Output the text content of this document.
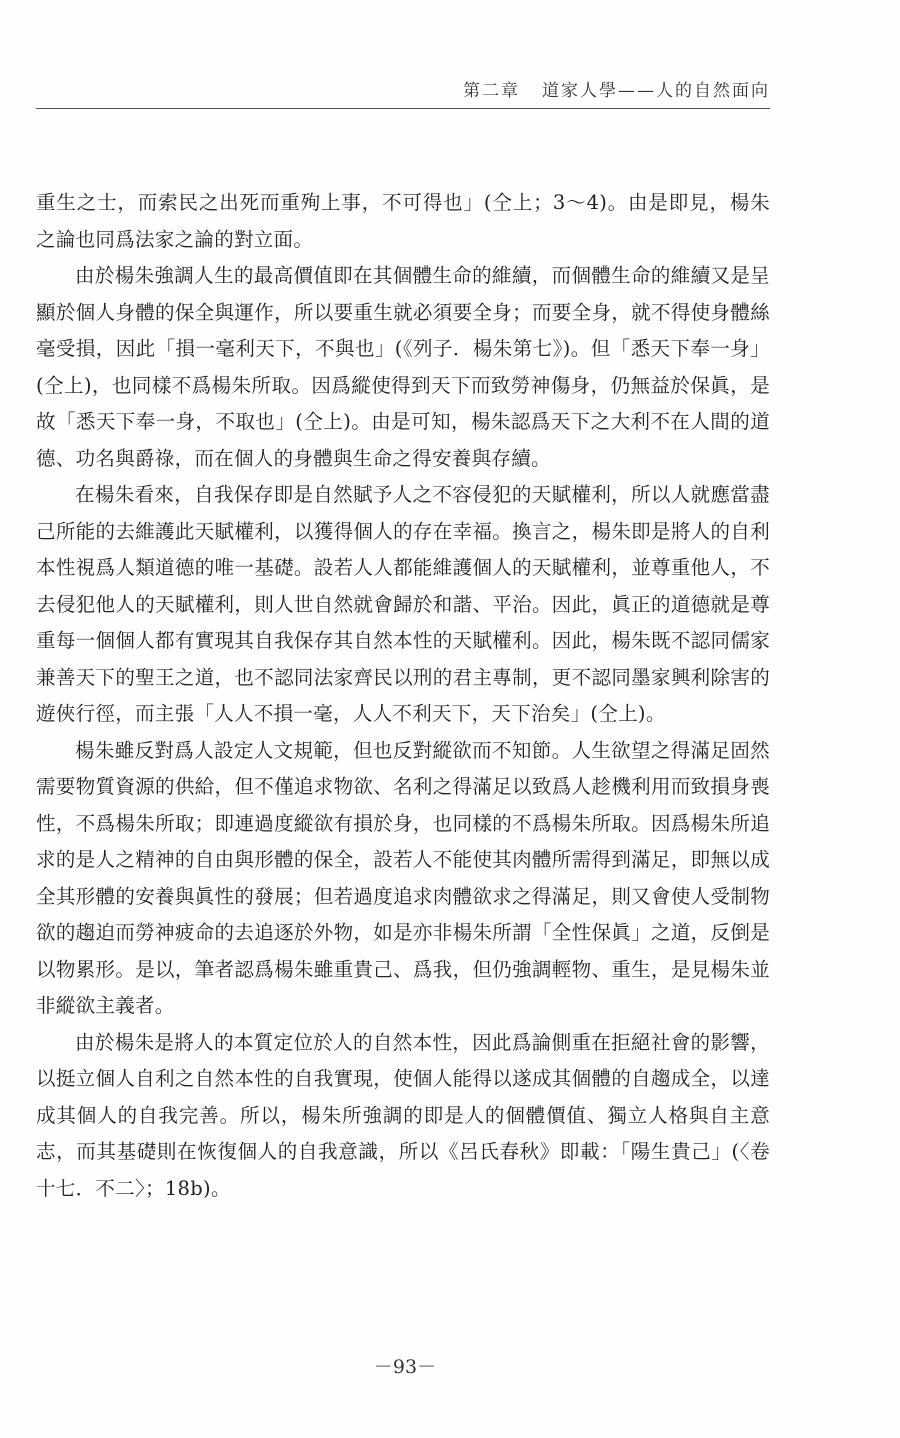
第二章 道家人學——人的自然面向

重生之士，而索民之出死而重殉上事，不可得也」(仝上；3～4)。由是即見，楊朱之論也同爲法家之論的對立面。

由於楊朱強調人生的最高價值即在其個體生命的維續，而個體生命的維續又是呈顯於個人身體的保全與運作，所以要重生就必須要全身；而要全身，就不得使身體絲毫受損，因此「損一毫利天下，不與也」(《列子．楊朱第七》)。但「悉天下奉一身」(仝上)，也同樣不爲楊朱所取。因爲縱使得到天下而致勞神傷身，仍無益於保眞，是故「悉天下奉一身，不取也」(仝上)。由是可知，楊朱認爲天下之大利不在人間的道德、功名與爵祿，而在個人的身體與生命之得安養與存續。

在楊朱看來，自我保存即是自然賦予人之不容侵犯的天賦權利，所以人就應當盡己所能的去維護此天賦權利，以獲得個人的存在幸福。換言之，楊朱即是將人的自利本性視爲人類道德的唯一基礎。設若人人都能維護個人的天賦權利，並尊重他人，不去侵犯他人的天賦權利，則人世自然就會歸於和諧、平治。因此，眞正的道德就是尊重每一個個人都有實現其自我保存其自然本性的天賦權利。因此，楊朱既不認同儒家兼善天下的聖王之道，也不認同法家齊民以刑的君主專制，更不認同墨家興利除害的遊俠行徑，而主張「人人不損一毫，人人不利天下，天下治矣」(仝上)。

楊朱雖反對爲人設定人文規範，但也反對縱欲而不知節。人生欲望之得滿足固然需要物質資源的供給，但不僅追求物欲、名利之得滿足以致爲人趁機利用而致損身喪性，不爲楊朱所取；即連過度縱欲有損於身，也同樣的不爲楊朱所取。因爲楊朱所追求的是人之精神的自由與形體的保全，設若人不能使其肉體所需得到滿足，即無以成全其形體的安養與眞性的發展；但若過度追求肉體欲求之得滿足，則又會使人受制物欲的趨迫而勞神疲命的去追逐於外物，如是亦非楊朱所謂「全性保眞」之道，反倒是以物累形。是以，筆者認爲楊朱雖重貴己、爲我，但仍強調輕物、重生，是見楊朱並非縱欲主義者。

由於楊朱是將人的本質定位於人的自然本性，因此爲論側重在拒絕社會的影響，以挺立個人自利之自然本性的自我實現，使個人能得以遂成其個體的自趨成全，以達成其個人的自我完善。所以，楊朱所強調的即是人的個體價值、獨立人格與自主意志，而其基礎則在恢復個人的自我意識，所以《呂氏春秋》即載：「陽生貴己」(〈卷十七．不二〉；18b)。

－93－
